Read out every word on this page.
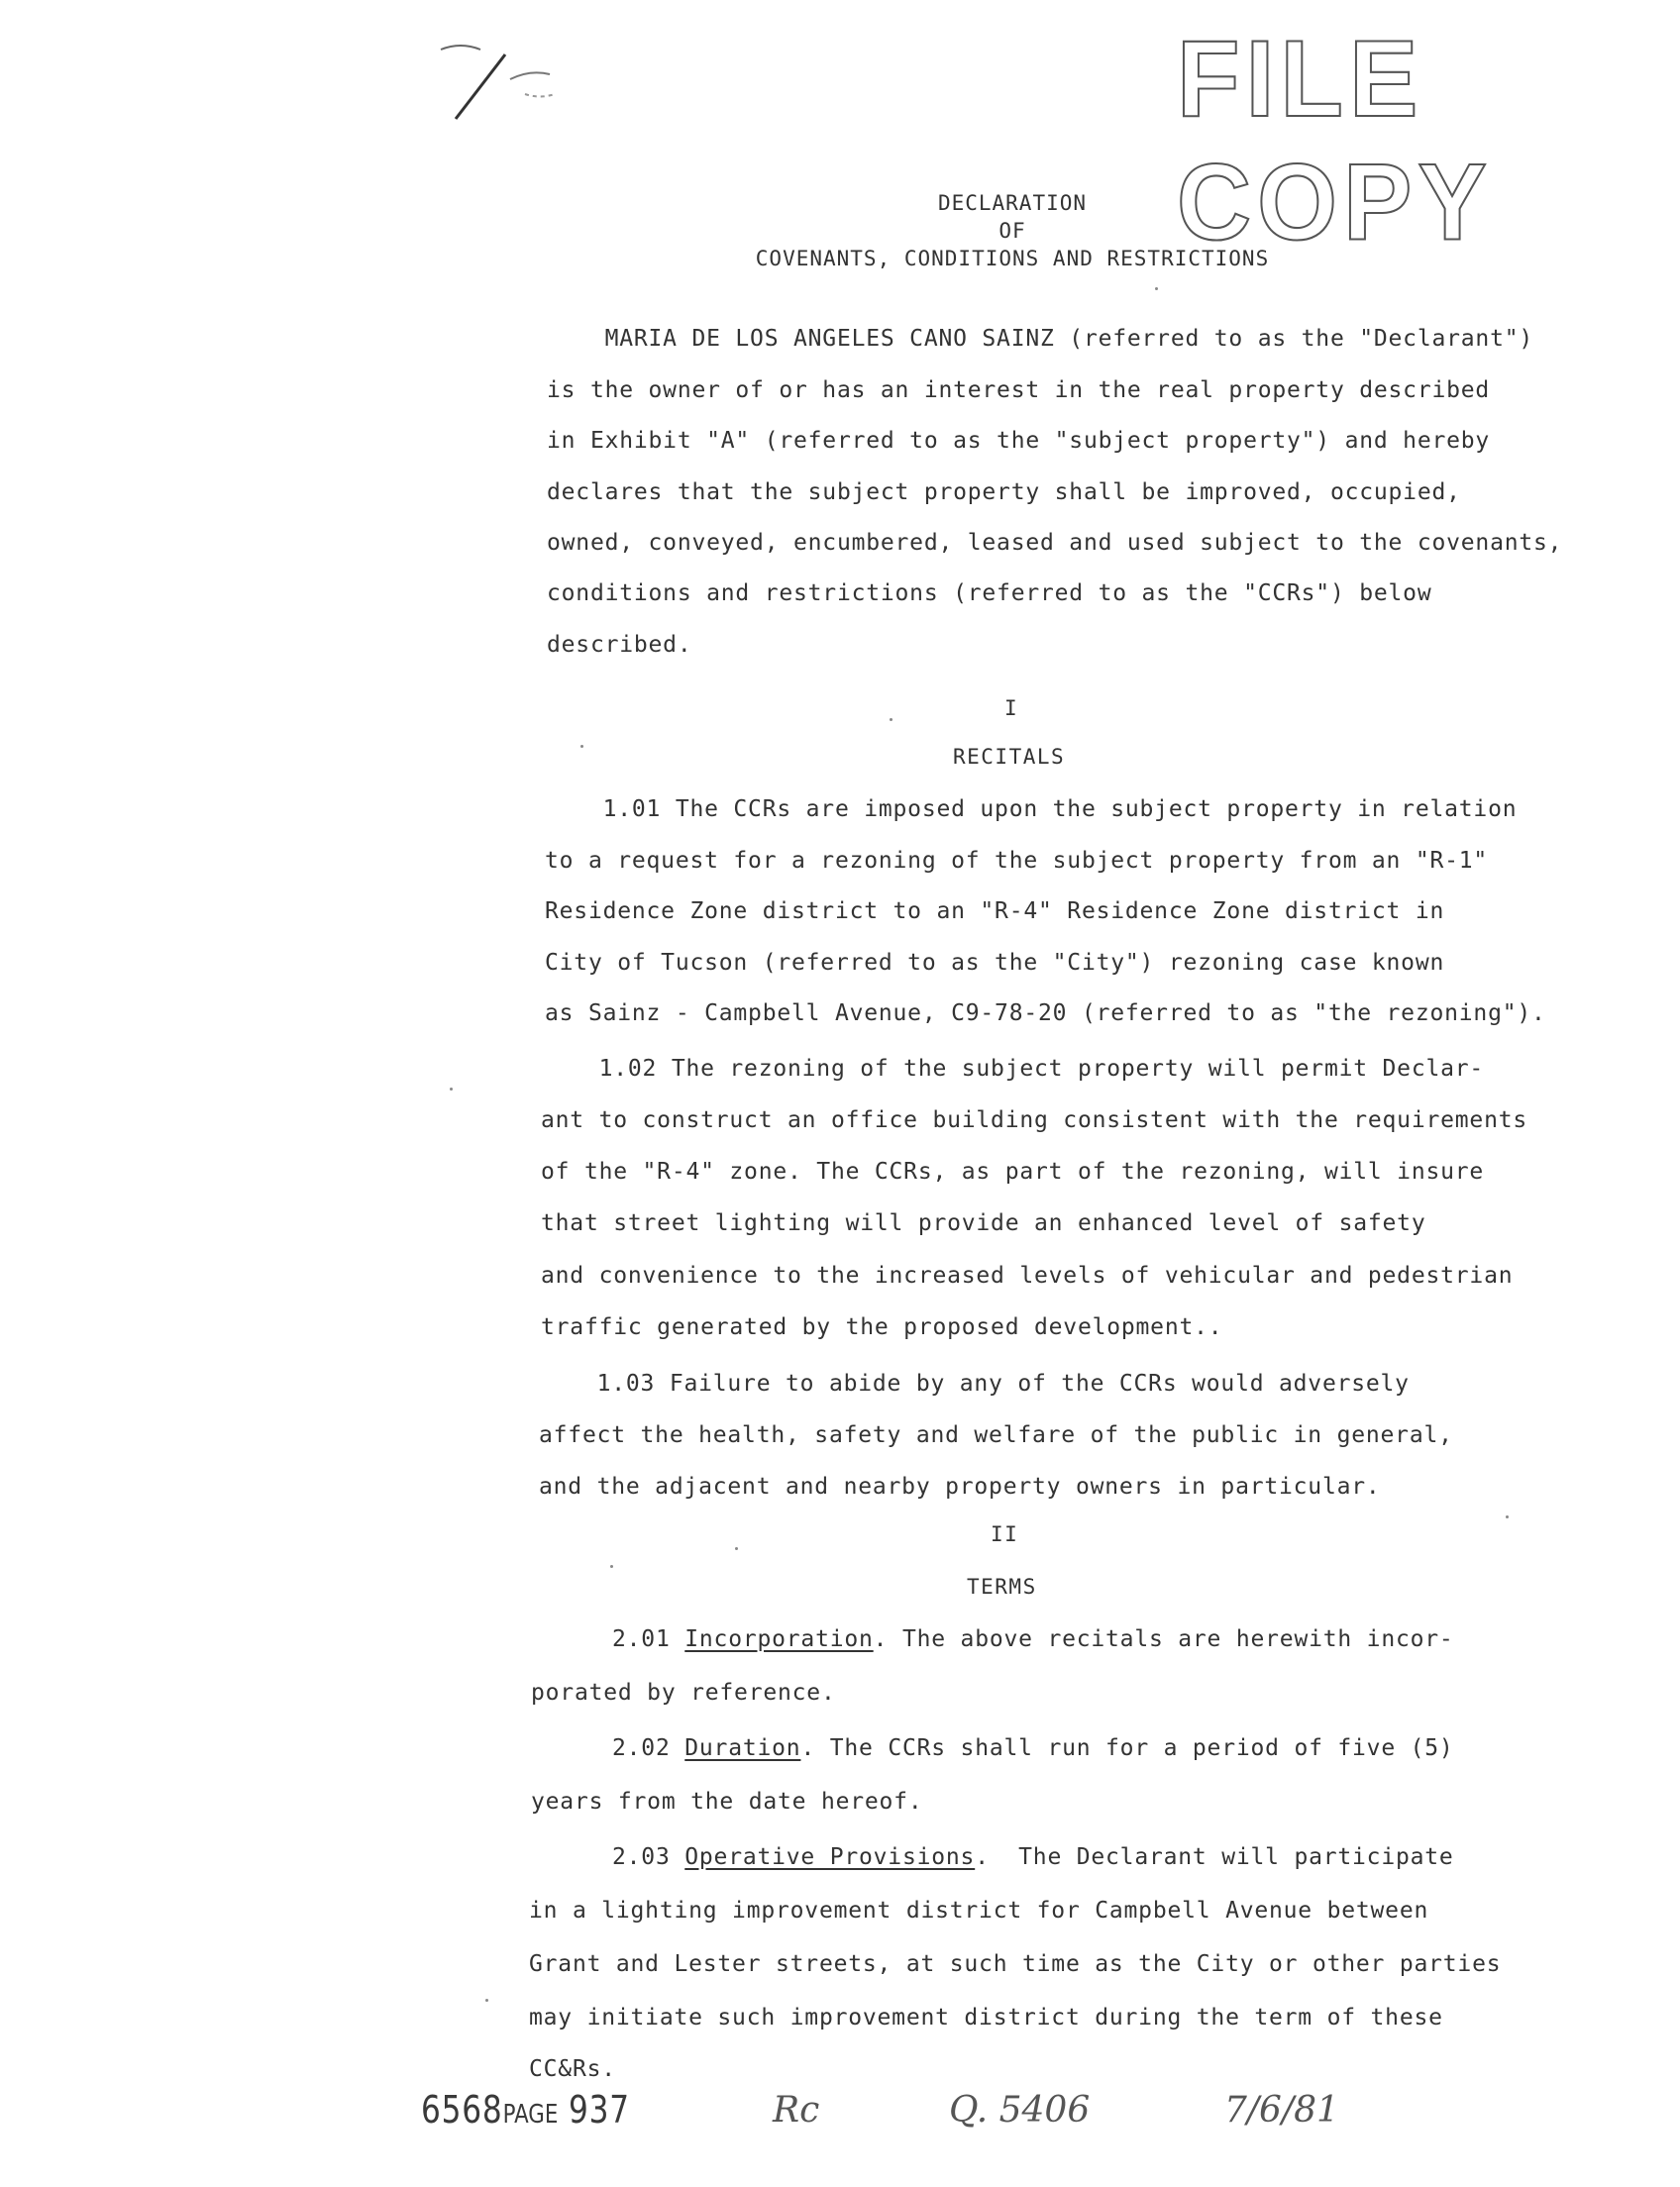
FILE COPY
DECLARATION
OF
COVENANTS, CONDITIONS AND RESTRICTIONS
MARIA DE LOS ANGELES CANO SAINZ (referred to as the "Declarant")
is the owner of or has an interest in the real property described
in Exhibit "A" (referred to as the "subject property") and hereby
declares that the subject property shall be improved, occupied,
owned, conveyed, encumbered, leased and used subject to the covenants,
conditions and restrictions (referred to as the "CCRs") below
described.
I
RECITALS
1.01 The CCRs are imposed upon the subject property in relation
to a request for a rezoning of the subject property from an "R-1"
Residence Zone district to an "R-4" Residence Zone district in
City of Tucson (referred to as the "City") rezoning case known
as Sainz - Campbell Avenue, C9-78-20 (referred to as "the rezoning").
1.02 The rezoning of the subject property will permit Declar-
ant to construct an office building consistent with the requirements
of the "R-4" zone. The CCRs, as part of the rezoning, will insure
that street lighting will provide an enhanced level of safety
and convenience to the increased levels of vehicular and pedestrian
traffic generated by the proposed development..
1.03 Failure to abide by any of the CCRs would adversely
affect the health, safety and welfare of the public in general,
and the adjacent and nearby property owners in particular.
II
TERMS
2.01 Incorporation. The above recitals are herewith incor-
porated by reference.
2.02 Duration. The CCRs shall run for a period of five (5)
years from the date hereof.
2.03 Operative Provisions.  The Declarant will participate
in a lighting improvement district for Campbell Avenue between
Grant and Lester streets, at such time as the City or other parties
may initiate such improvement district during the term of these
CC&Rs.
6568PAGE 937	Rc	Q. 5406	7/6/81
